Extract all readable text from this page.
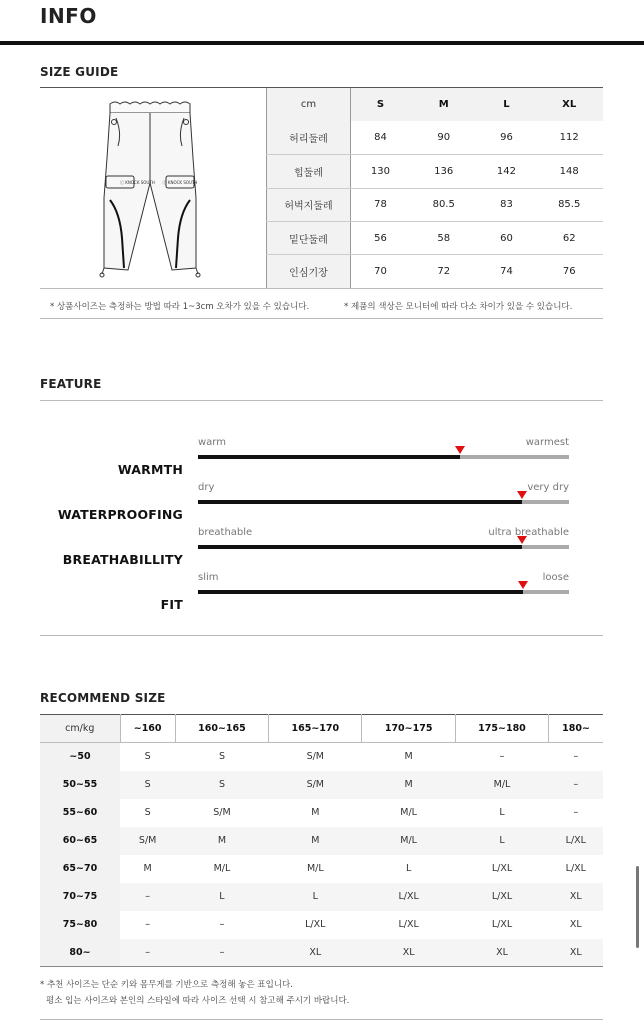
INFO
SIZE GUIDE
ⓒ KNOCK SOUTH ⓒ KNOCK SOUTH
cm	S	M	L	XL
허리둘레	84	90	96	112
힙둘레	130	136	142	148
허벅지둘레	78	80.5	83	85.5
밑단둘레	56	58	60	62
인심기장	70	72	74	76
* 상품사이즈는 측정하는 방법 따라 1~3cm 오차가 있을 수 있습니다.	* 제품의 색상은 모니터에 따라 다소 차이가 있을 수 있습니다.
FEATURE
WARMTH
warm	warmest
WATERPROOFING
dry	very dry
BREATHABILLITY
breathable	ultra breathable
FIT
slim	loose
RECOMMEND SIZE
cm/kg	~160	160~165	165~170	170~175	175~180	180~
~50	S	S	S/M	M	–	–
50~55	S	S	S/M	M	M/L	–
55~60	S	S/M	M	M/L	L	–
60~65	S/M	M	M	M/L	L	L/XL
65~70	M	M/L	M/L	L	L/XL	L/XL
70~75	–	L	L	L/XL	L/XL	XL
75~80	–	–	L/XL	L/XL	L/XL	XL
80~	–	–	XL	XL	XL	XL
* 추천 사이즈는 단순 키와 몸무게를 기반으로 측정해 놓은 표입니다.
평소 입는 사이즈와 본인의 스타일에 따라 사이즈 선택 시 참고해 주시기 바랍니다.
